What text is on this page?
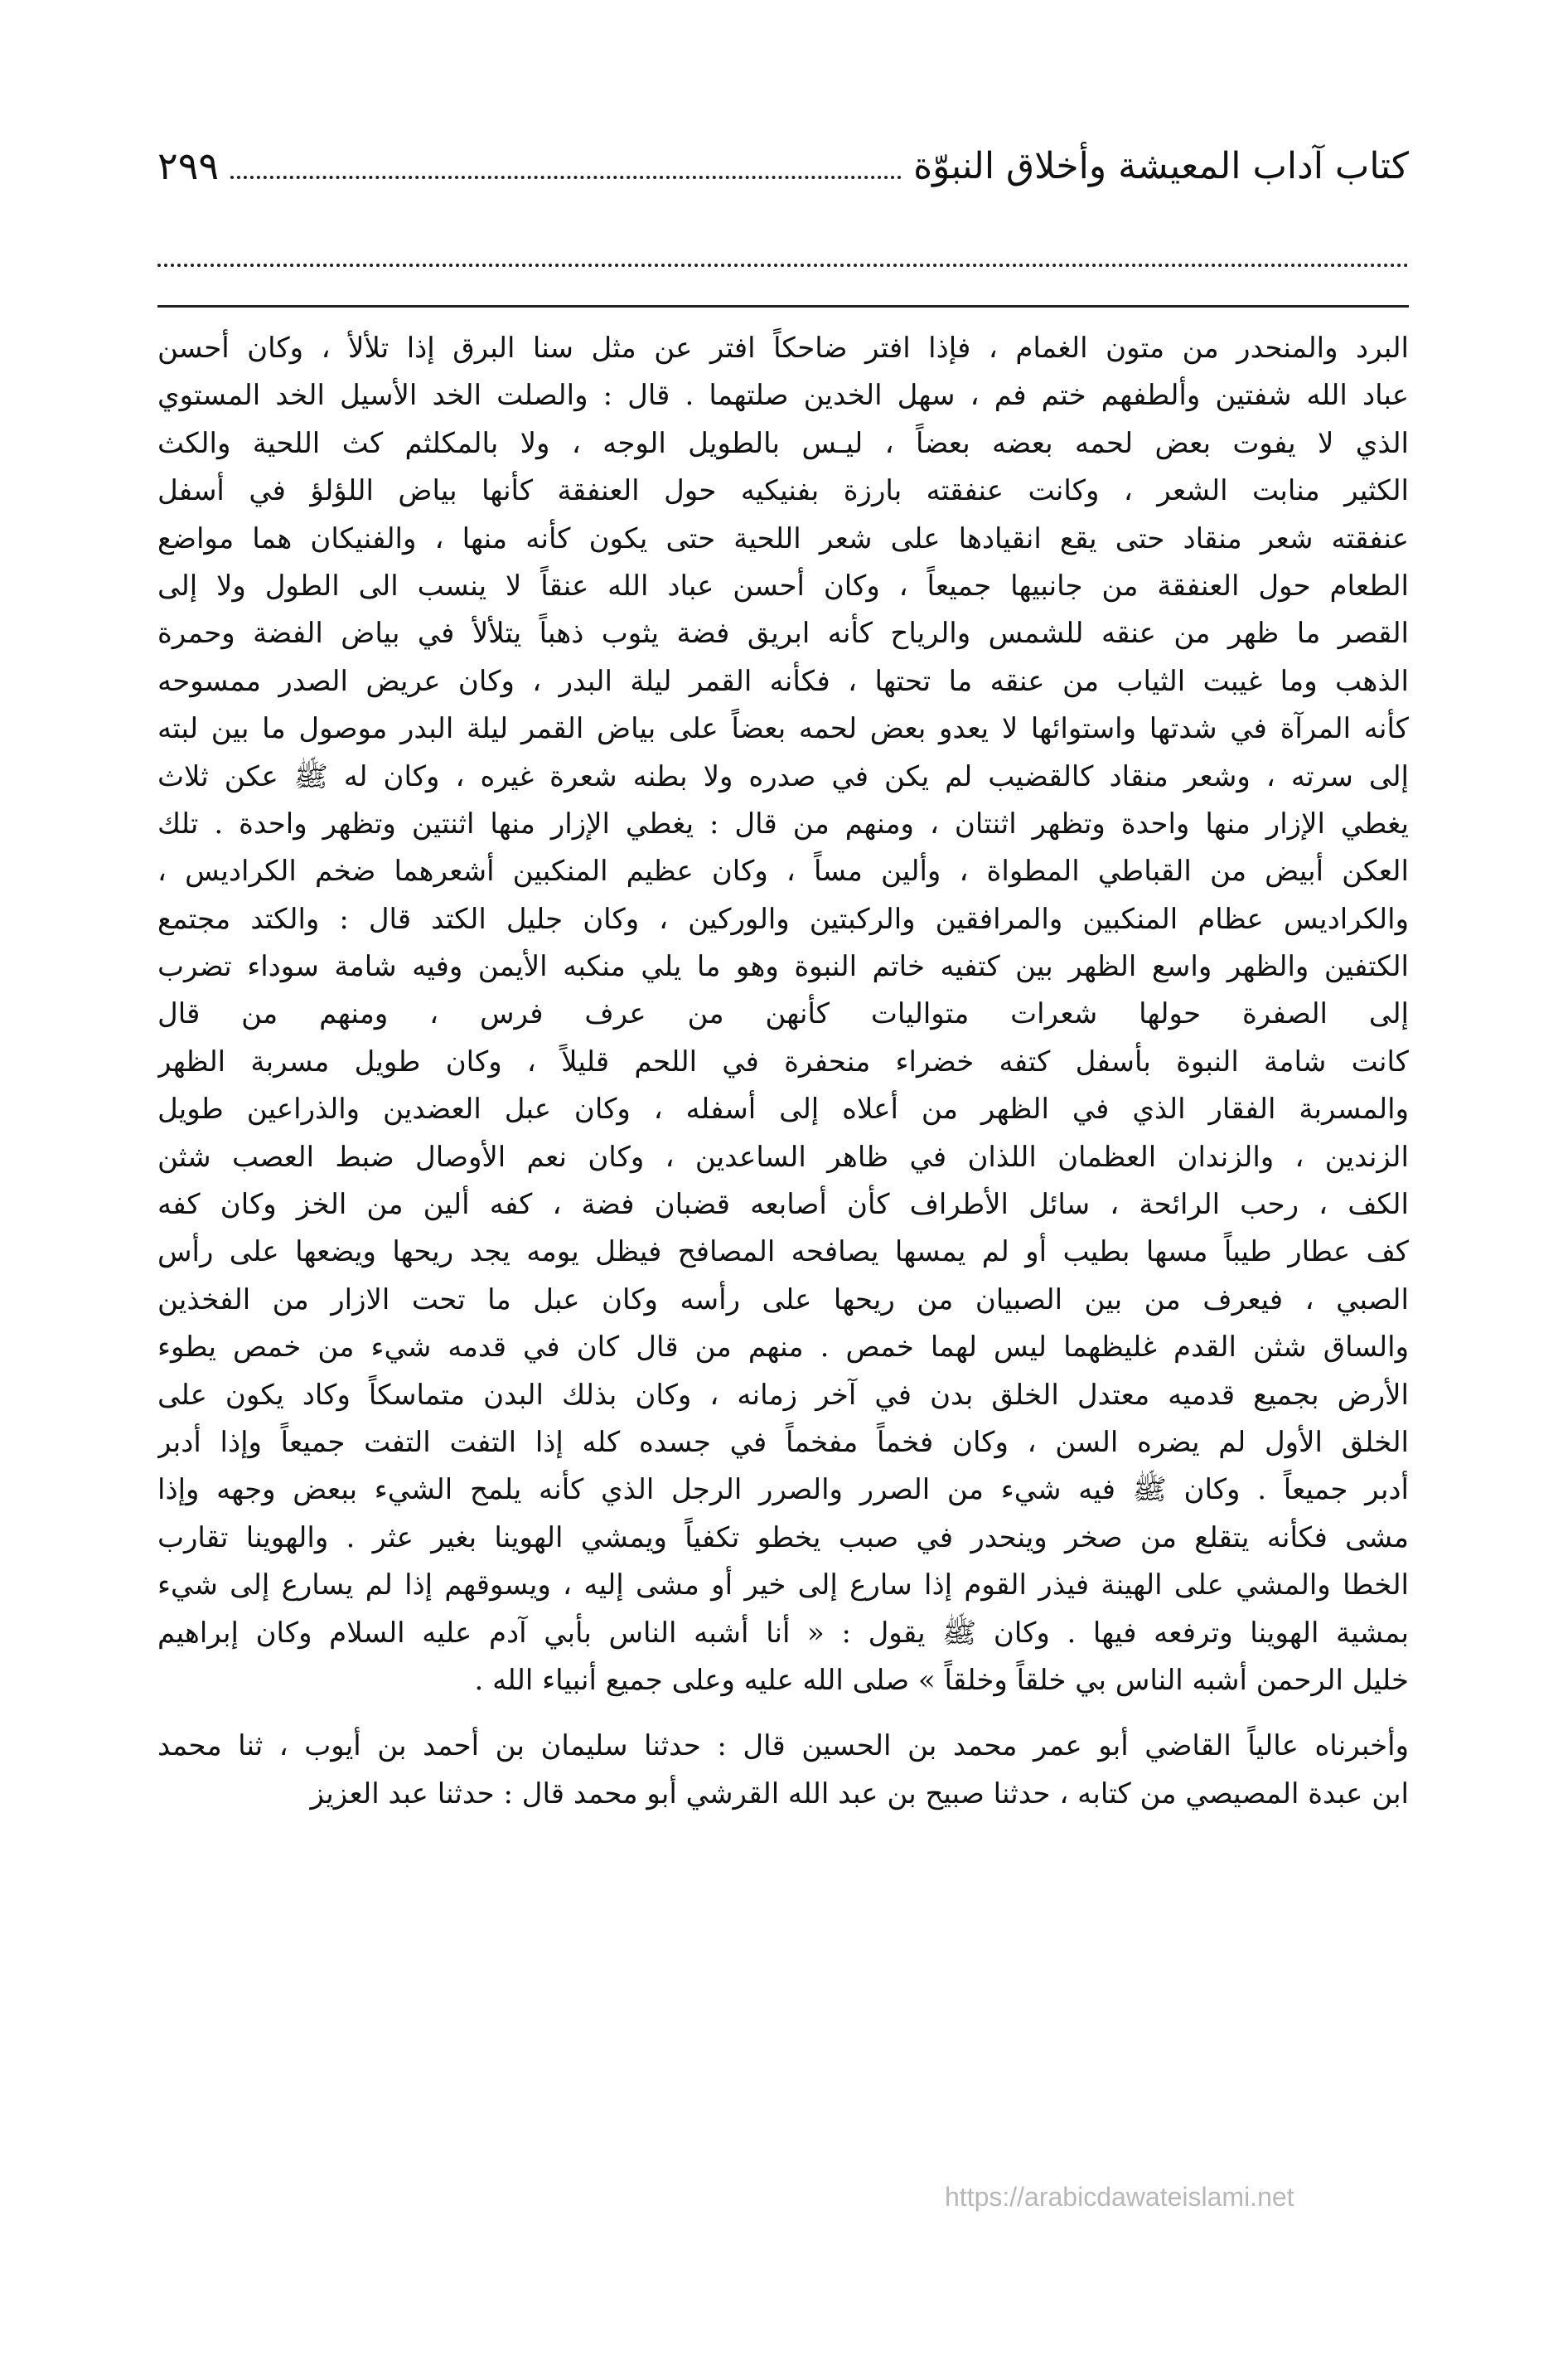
كتاب آداب المعيشة وأخلاق النبوّة
٢٩٩
البرد والمنحدر من متون الغمام ، فإذا افتر ضاحكاً افتر عن مثل سنا البرق إذا تلألأ ، وكان أحسن
عباد الله شفتين وألطفهم ختم فم ، سهل الخدين صلتهما . قال : والصلت الخد الأسيل الخد المستوي
الذي لا يفوت بعض لحمه بعضه بعضاً ، ليـس بالطويل الوجه ، ولا بالمكلثم كث اللحية والكث
الكثير منابت الشعر ، وكانت عنفقته بارزة بفنيكيه حول العنفقة كأنها بياض اللؤلؤ في أسفل
عنفقته شعر منقاد حتى يقع انقيادها على شعر اللحية حتى يكون كأنه منها ، والفنيكان هما مواضع
الطعام حول العنفقة من جانبيها جميعاً ، وكان أحسن عباد الله عنقاً لا ينسب الى الطول ولا إلى
القصر ما ظهر من عنقه للشمس والرياح كأنه ابريق فضة يثوب ذهباً يتلألأ في بياض الفضة وحمرة
الذهب وما غيبت الثياب من عنقه ما تحتها ، فكأنه القمر ليلة البدر ، وكان عريض الصدر ممسوحه
كأنه المرآة في شدتها واستوائها لا يعدو بعض لحمه بعضاً على بياض القمر ليلة البدر موصول ما بين لبته
إلى سرته ، وشعر منقاد كالقضيب لم يكن في صدره ولا بطنه شعرة غيره ، وكان له ﷺ عكن ثلاث
يغطي الإزار منها واحدة وتظهر اثنتان ، ومنهم من قال : يغطي الإزار منها اثنتين وتظهر واحدة . تلك
العكن أبيض من القباطي المطواة ، وألين مساً ، وكان عظيم المنكبين أشعرهما ضخم الكراديس ،
والكراديس عظام المنكبين والمرافقين والركبتين والوركين ، وكان جليل الكتد قال : والكتد مجتمع
الكتفين والظهر واسع الظهر بين كتفيه خاتم النبوة وهو ما يلي منكبه الأيمن وفيه شامة سوداء تضرب
إلى الصفرة حولها شعرات متواليات كأنهن من عرف فرس ، ومنهم من قال
كانت شامة النبوة بأسفل كتفه خضراء منحفرة في اللحم قليلاً ، وكان طويل مسربة الظهر
والمسربة الفقار الذي في الظهر من أعلاه إلى أسفله ، وكان عبل العضدين والذراعين طويل
الزندين ، والزندان العظمان اللذان في ظاهر الساعدين ، وكان نعم الأوصال ضبط العصب شثن
الكف ، رحب الرائحة ، سائل الأطراف كأن أصابعه قضبان فضة ، كفه ألين من الخز وكان كفه
كف عطار طيباً مسها بطيب أو لم يمسها يصافحه المصافح فيظل يومه يجد ريحها ويضعها على رأس
الصبي ، فيعرف من بين الصبيان من ريحها على رأسه وكان عبل ما تحت الازار من الفخذين
والساق شثن القدم غليظهما ليس لهما خمص . منهم من قال كان في قدمه شيء من خمص يطوء
الأرض بجميع قدميه معتدل الخلق بدن في آخر زمانه ، وكان بذلك البدن متماسكاً وكاد يكون على
الخلق الأول لم يضره السن ، وكان فخماً مفخماً في جسده كله إذا التفت التفت جميعاً وإذا أدبر
أدبر جميعاً . وكان ﷺ فيه شيء من الصرر والصرر الرجل الذي كأنه يلمح الشيء ببعض وجهه وإذا
مشى فكأنه يتقلع من صخر وينحدر في صبب يخطو تكفياً ويمشي الهوينا بغير عثر . والهوينا تقارب
الخطا والمشي على الهينة فيذر القوم إذا سارع إلى خير أو مشى إليه ، ويسوقهم إذا لم يسارع إلى شيء
بمشية الهوينا وترفعه فيها . وكان ﷺ يقول : « أنا أشبه الناس بأبي آدم عليه السلام وكان إبراهيم
خليل الرحمن أشبه الناس بي خلقاً وخلقاً » صلى الله عليه وعلى جميع أنبياء الله .
وأخبرناه عالياً القاضي أبو عمر محمد بن الحسين قال : حدثنا سليمان بن أحمد بن أيوب ، ثنا محمد
ابن عبدة المصيصي من كتابه ، حدثنا صبيح بن عبد الله القرشي أبو محمد قال : حدثنا عبد العزيز
https://arabicdawateislami.net
